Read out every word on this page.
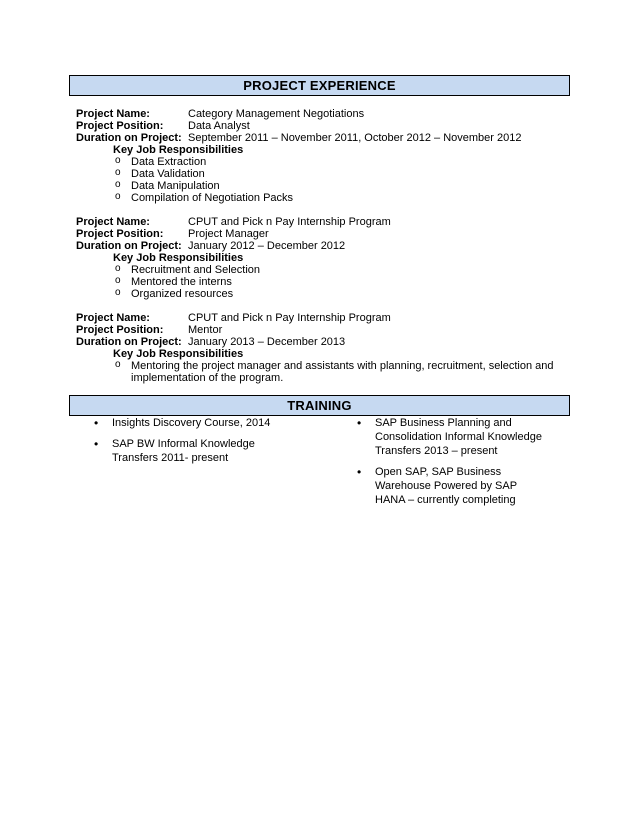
PROJECT EXPERIENCE
Project Name:	Category Management Negotiations
Project Position:	Data Analyst
Duration on Project: September 2011 – November 2011, October 2012 – November 2012
Key Job Responsibilities
o Data Extraction
o Data Validation
o Data Manipulation
o Compilation of Negotiation Packs
Project Name:	CPUT and Pick n Pay Internship Program
Project Position:	Project Manager
Duration on Project: January 2012 – December 2012
Key Job Responsibilities
o Recruitment and Selection
o Mentored the interns
o Organized resources
Project Name:	CPUT and Pick n Pay Internship Program
Project Position:	Mentor
Duration on Project: January 2013 – December 2013
Key Job Responsibilities
o Mentoring the project manager and assistants with planning, recruitment, selection and implementation of the program.
TRAINING
• Insights Discovery Course, 2014
• SAP BW Informal Knowledge Transfers 2011- present
• SAP Business Planning and Consolidation Informal Knowledge Transfers 2013 – present
• Open SAP, SAP Business Warehouse Powered by SAP HANA – currently completing
